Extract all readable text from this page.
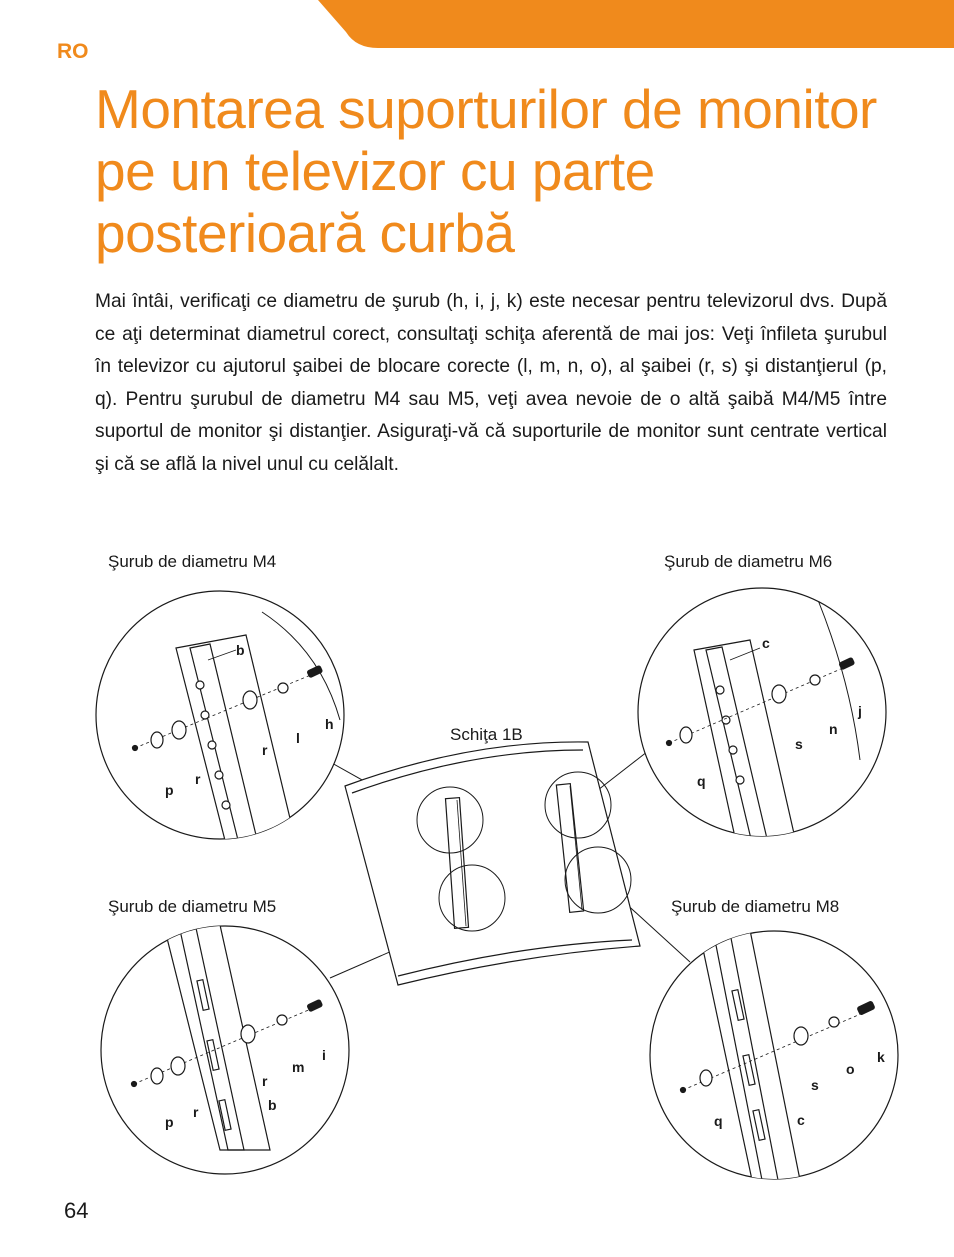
RO
Montarea suporturilor de monitor pe un televizor cu parte posterioară curbă

Mai întâi, verificaţi ce diametru de şurub (h, i, j, k) este necesar pentru televizorul dvs. După ce aţi determinat diametrul corect, consultaţi schiţa aferentă de mai jos: Veţi înfileta şurubul în televizor cu ajutorul şaibei de blocare corecte (l, m, n, o), al şaibei (r, s) şi distanţierul (p, q). Pentru şurubul de diametru M4 sau M5, veţi avea nevoie de o altă şaibă M4/M5 între suportul de monitor şi distanţier. Asiguraţi-vă că suporturile de monitor sunt centrate vertical şi că se află la nivel unul cu celălalt.

b
h
l
r
r
p
c
j
n
s
q
i
m
r
b
r
p
k
o
s
c
q
Şurub de diametru M4	Şurub de diametru M6
Şurub de diametru M5	Şurub de diametru M8
Schiţa 1B
64
